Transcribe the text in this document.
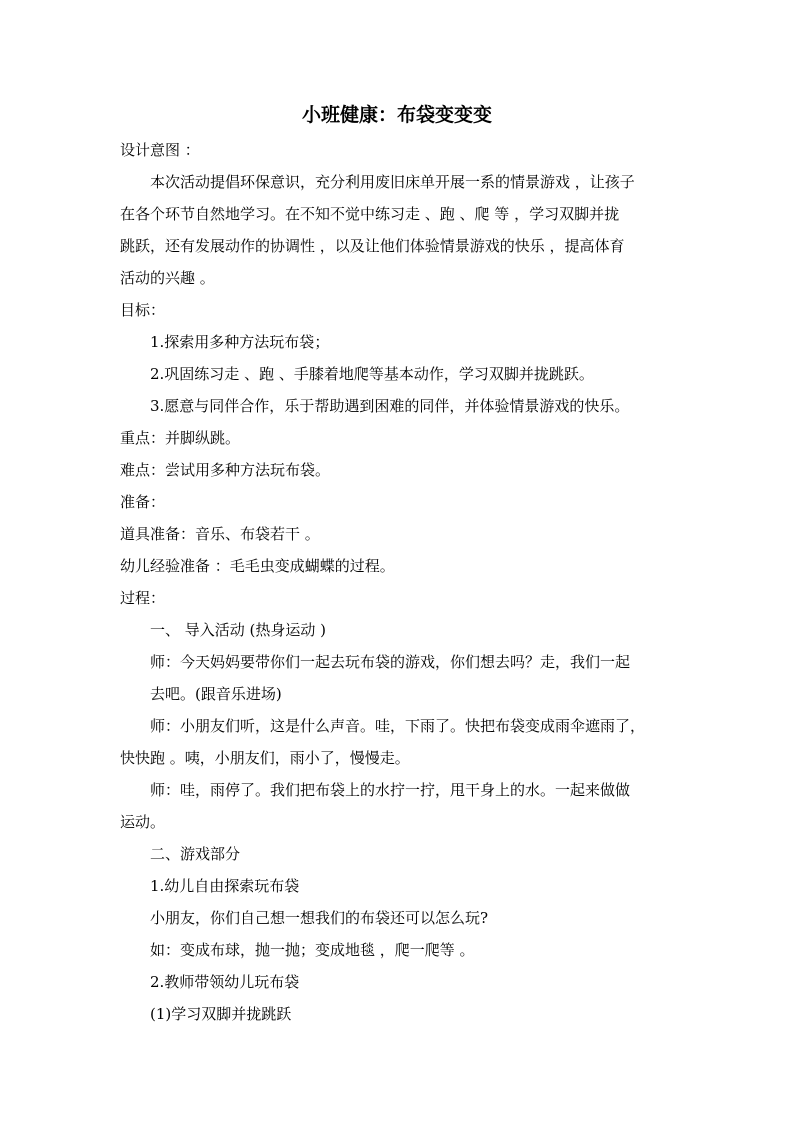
小班健康：布袋变变变
设计意图 ：
本次活动提倡环保意识，充分利用废旧床单开展一系的情景游戏 ，让孩子
在各个环节自然地学习。在不知不觉中练习走 、跑 、爬 等 ，学习双脚并拢
跳跃，还有发展动作的协调性 ，以及让他们体验情景游戏的快乐 ，提高体育
活动的兴趣 。
目标：
1.探索用多种方法玩布袋；
2.巩固练习走 、跑 、手膝着地爬等基本动作，学习双脚并拢跳跃。
3.愿意与同伴合作，乐于帮助遇到困难的同伴，并体验情景游戏的快乐。
重点：并脚纵跳。
难点：尝试用多种方法玩布袋。
准备：
道具准备：音乐、布袋若干 。
幼儿经验准备 ：毛毛虫变成蝴蝶的过程。
过程：
一、 导入活动 (热身运动 )
师：今天妈妈要带你们一起去玩布袋的游戏，你们想去吗？走，我们一起
去吧。(跟音乐进场)
师：小朋友们听，这是什么声音。哇，下雨了。快把布袋变成雨伞遮雨了，
快快跑 。咦，小朋友们，雨小了，慢慢走。
师：哇，雨停了。我们把布袋上的水拧一拧，甩干身上的水。一起来做做
运动。
二、游戏部分
1.幼儿自由探索玩布袋
小朋友，你们自己想一想我们的布袋还可以怎么玩?
如：变成布球，抛一抛；变成地毯 ，爬一爬等 。
2.教师带领幼儿玩布袋
(1)学习双脚并拢跳跃
